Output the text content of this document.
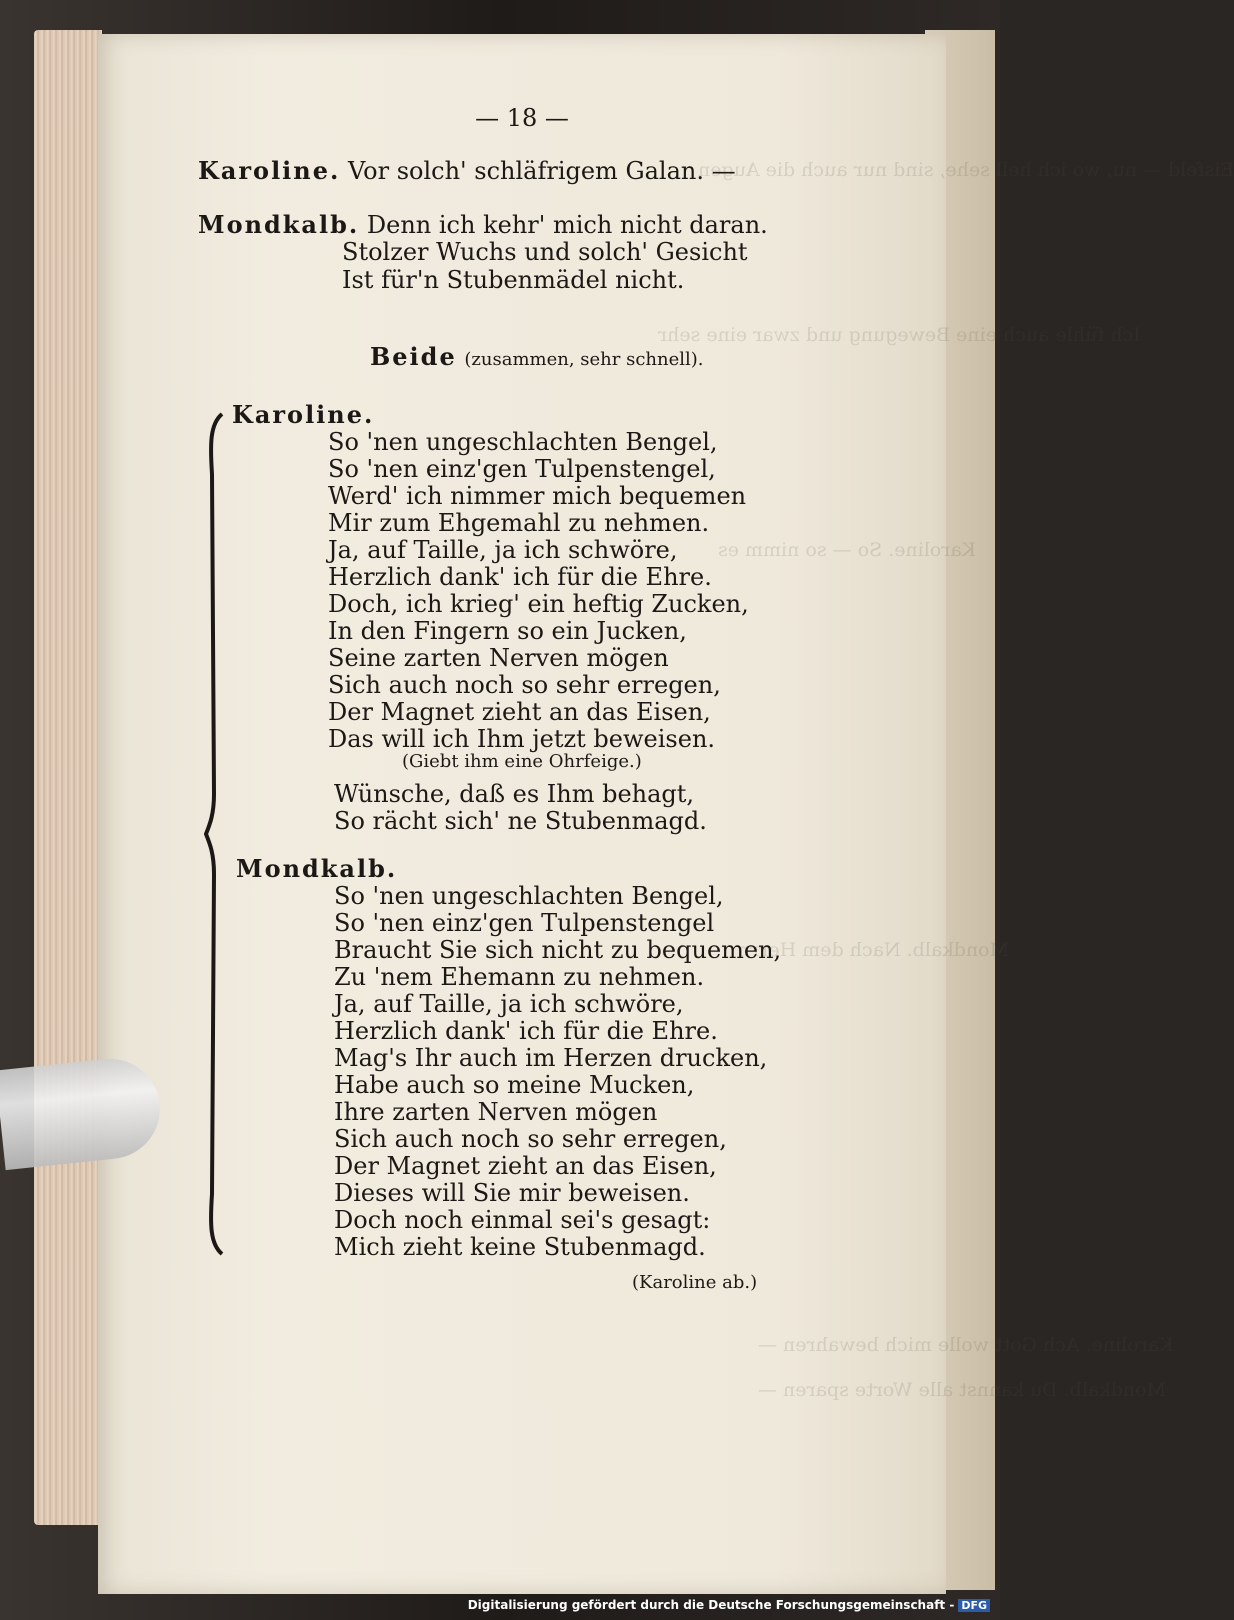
Eisfeld — nu, wo ich hell sehe, sind nur auch die Augen
Ich fühle auch eine Bewegung und zwar eine sehr
Karoline. So — so nimm es
Mondkalb. Nach dem Herrn
Karoline. Ach Gott wolle mich bewahren —
Mondkalb. Du kannst alle Worte sparen —
— 18 —
Karoline. Vor solch' schläfrigem Galan. —
Mondkalb. Denn ich kehr' mich nicht daran.
Stolzer Wuchs und solch' Gesicht
Ist für'n Stubenmädel nicht.
Beide (zusammen, sehr schnell).
Karoline.
So 'nen ungeschlachten Bengel,
So 'nen einz'gen Tulpenstengel,
Werd' ich nimmer mich bequemen
Mir zum Ehgemahl zu nehmen.
Ja, auf Taille, ja ich schwöre,
Herzlich dank' ich für die Ehre.
Doch, ich krieg' ein heftig Zucken,
In den Fingern so ein Jucken,
Seine zarten Nerven mögen
Sich auch noch so sehr erregen,
Der Magnet zieht an das Eisen,
Das will ich Ihm jetzt beweisen.
(Giebt ihm eine Ohrfeige.)
Wünsche, daß es Ihm behagt,
So rächt sich' ne Stubenmagd.
Mondkalb.
So 'nen ungeschlachten Bengel,
So 'nen einz'gen Tulpenstengel
Braucht Sie sich nicht zu bequemen,
Zu 'nem Ehemann zu nehmen.
Ja, auf Taille, ja ich schwöre,
Herzlich dank' ich für die Ehre.
Mag's Ihr auch im Herzen drucken,
Habe auch so meine Mucken,
Ihre zarten Nerven mögen
Sich auch noch so sehr erregen,
Der Magnet zieht an das Eisen,
Dieses will Sie mir beweisen.
Doch noch einmal sei's gesagt:
Mich zieht keine Stubenmagd.
(Karoline ab.)
Digitalisierung gefördert durch die Deutsche Forschungsgemeinschaft - DFG
